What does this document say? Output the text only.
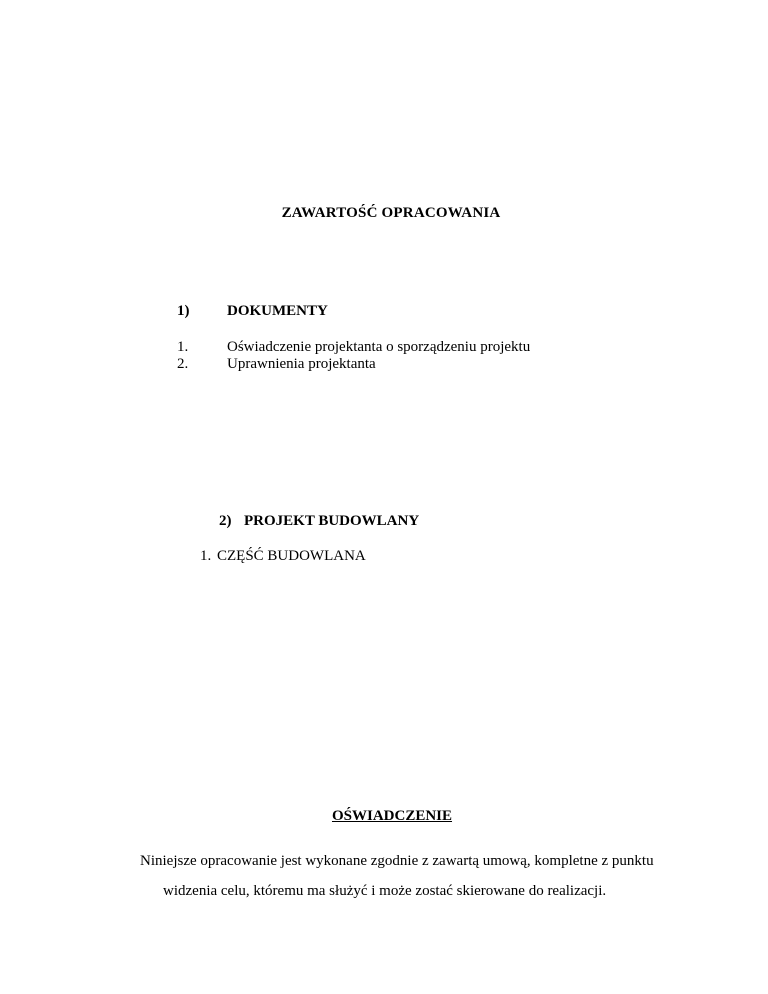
ZAWARTOŚĆ OPRACOWANIA
1)	DOKUMENTY
1.	Oświadczenie projektanta o sporządzeniu projektu
2.	Uprawnienia projektanta
2) PROJEKT BUDOWLANY
1. CZĘŚĆ BUDOWLANA
OŚWIADCZENIE
Niniejsze opracowanie jest wykonane zgodnie z zawartą umową, kompletne z punktu
widzenia celu, któremu ma służyć i może zostać skierowane do realizacji.
